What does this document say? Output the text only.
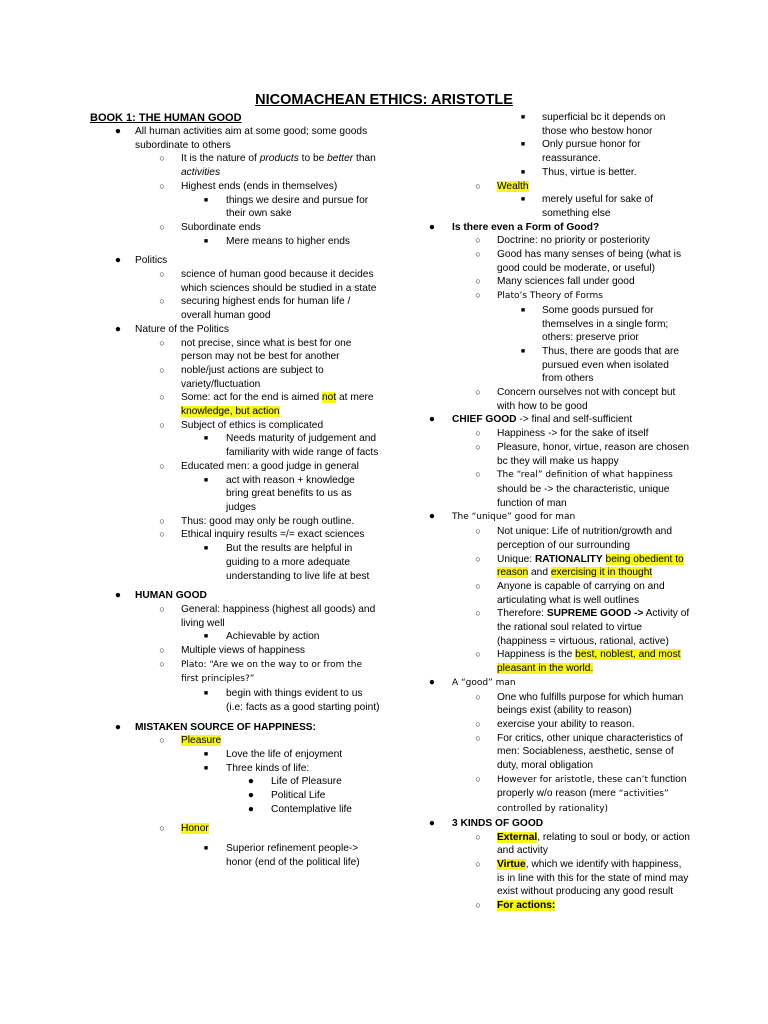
NICOMACHEAN ETHICS: ARISTOTLE
BOOK 1: THE HUMAN GOOD
● All human activities aim at some good; some goods subordinate to others
○	It is the nature of products to be better than activities
○	Highest ends (ends in themselves)
■	things we desire and pursue for their own sake
○	Subordinate ends
■	Mere means to higher ends
● Politics
○	science of human good because it decides which sciences should be studied in a state
○	securing highest ends for human life / overall human good
● Nature of the Politics
○	not precise, since what is best for one person may not be best for another
○	noble/just actions are subject to variety/fluctuation
○	Some: act for the end is aimed not at mere knowledge, but action
○	Subject of ethics is complicated
■	Needs maturity of judgement and familiarity with wide range of facts
○	Educated men: a good judge in general
■	act with reason + knowledge bring great benefits to us as judges
○	Thus: good may only be rough outline.
○	Ethical inquiry results =/= exact sciences
■	But the results are helpful in guiding to a more adequate understanding to live life at best
● HUMAN GOOD
○	General: happiness (highest all goods) and living well
■	Achievable by action
○	Multiple views of happiness
○	Plato: “Are we on the way to or from the first principles?”
■	begin with things evident to us (i.e: facts as a good starting point)
● MISTAKEN SOURCE OF HAPPINESS:
○	Pleasure
■	Love the life of enjoyment
■	Three kinds of life:
● Life of Pleasure
● Political Life
● Contemplative life
○	Honor
■	Superior refinement people-> honor (end of the political life)
■	superficial bc it depends on those who bestow honor
■	Only pursue honor for reassurance.
■	Thus, virtue is better.
○	Wealth
■	merely useful for sake of something else
● Is there even a Form of Good?
○	Doctrine: no priority or posteriority
○	Good has many senses of being (what is good could be moderate, or useful)
○	Many sciences fall under good
○	Plato’s Theory of Forms
■	Some goods pursued for themselves in a single form; others: preserve prior
■	Thus, there are goods that are pursued even when isolated from others
○	Concern ourselves not with concept but with how to be good
● CHIEF GOOD -> final and self-sufficient
○	Happiness -> for the sake of itself
○	Pleasure, honor, virtue, reason are chosen bc they will make us happy
○	The “real” definition of what happiness should be -> the characteristic, unique function of man
●	The “unique” good for man
○	Not unique: Life of nutrition/growth and perception of our surrounding
○	Unique: RATIONALITY being obedient to reason and exercising it in thought
○	Anyone is capable of carrying on and articulating what is well outlines
○	Therefore: SUPREME GOOD -> Activity of the rational soul related to virtue (happiness = virtuous, rational, active)
○	Happiness is the best, noblest, and most pleasant in the world.
●	A “good” man
○	One who fulfills purpose for which human beings exist (ability to reason)
○	exercise your ability to reason.
○	For critics, other unique characteristics of men: Sociableness, aesthetic, sense of duty, moral obligation
○	However for aristotle, these can’t function properly w/o reason (mere “activities” controlled by rationality)
● 3 KINDS OF GOOD
○	External, relating to soul or body, or action and activity
○	Virtue, which we identify with happiness, is in line with this for the state of mind may exist without producing any good result
○	For actions:
